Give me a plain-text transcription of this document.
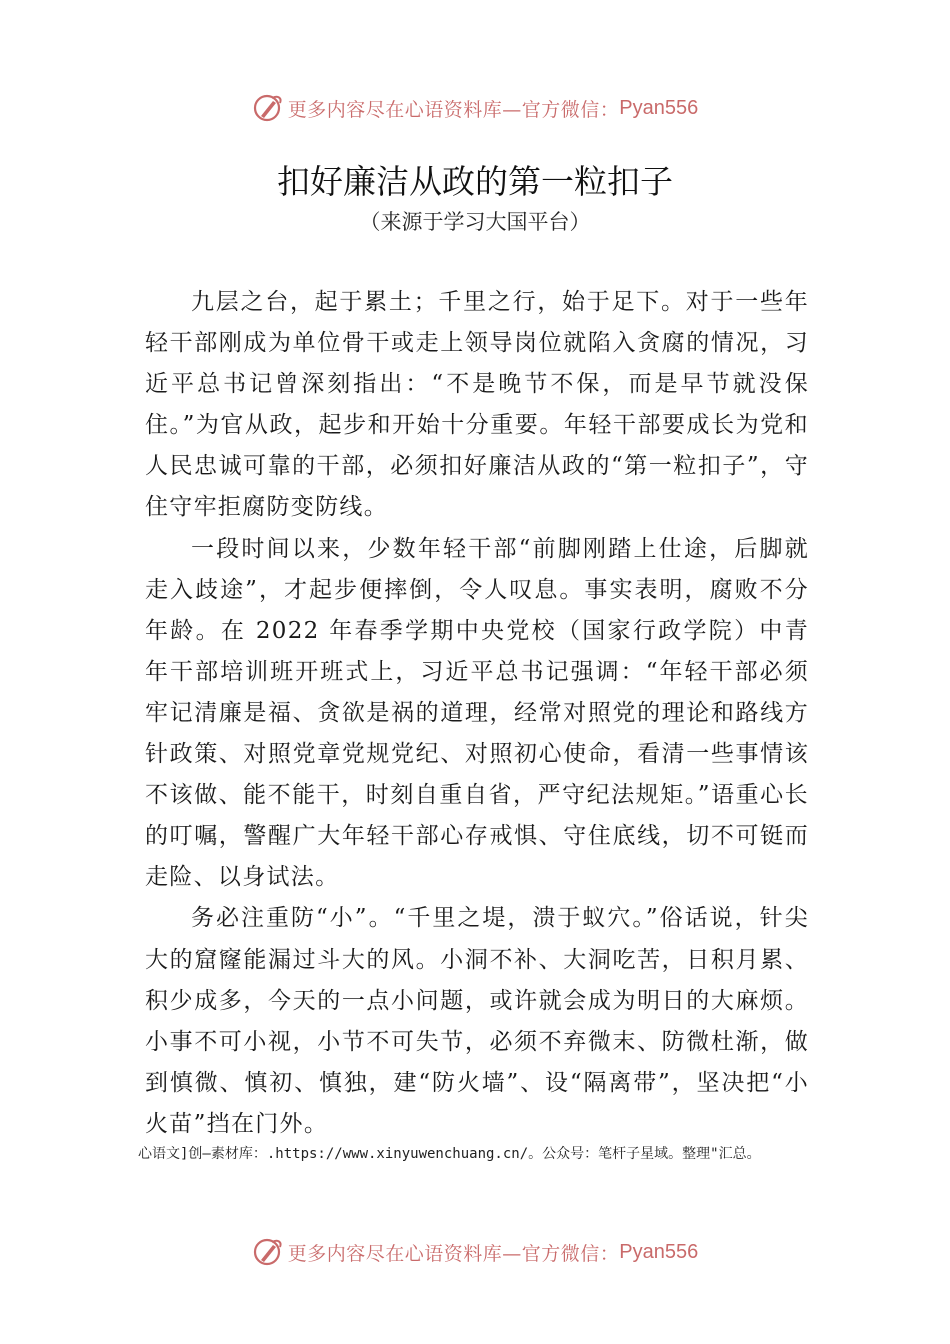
更多内容尽在心语资料库—官方微信： Pyan556
扣好廉洁从政的第一粒扣子
（来源于学习大国平台）

九层之台，起于累土；千里之行，始于足下。对于一些年轻干部刚成为单位骨干或走上领导岗位就陷入贪腐的情况，习近平总书记曾深刻指出：“不是晚节不保，而是早节就没保住。”为官从政，起步和开始十分重要。年轻干部要成长为党和人民忠诚可靠的干部，必须扣好廉洁从政的“第一粒扣子”，守住守牢拒腐防变防线。

一段时间以来，少数年轻干部“前脚刚踏上仕途，后脚就走入歧途”，才起步便摔倒，令人叹息。事实表明，腐败不分年龄。在 2022 年春季学期中央党校（国家行政学院）中青年干部培训班开班式上，习近平总书记强调：“年轻干部必须牢记清廉是福、贪欲是祸的道理，经常对照党的理论和路线方针政策、对照党章党规党纪、对照初心使命，看清一些事情该不该做、能不能干，时刻自重自省，严守纪法规矩。”语重心长的叮嘱，警醒广大年轻干部心存戒惧、守住底线，切不可铤而走险、以身试法。

务必注重防“小”。“千里之堤，溃于蚁穴。”俗话说，针尖大的窟窿能漏过斗大的风。小洞不补、大洞吃苦，日积月累、积少成多，今天的一点小问题，或许就会成为明日的大麻烦。小事不可小视，小节不可失节，必须不弃微末、防微杜渐，做到慎微、慎初、慎独，建“防火墙”、设“隔离带”，坚决把“小火苗”挡在门外。

心语文]创—素材库：.https://www.xinyuwenchuang.cn/。公众号：笔杆子星域。整理"汇总。
更多内容尽在心语资料库—官方微信： Pyan556
